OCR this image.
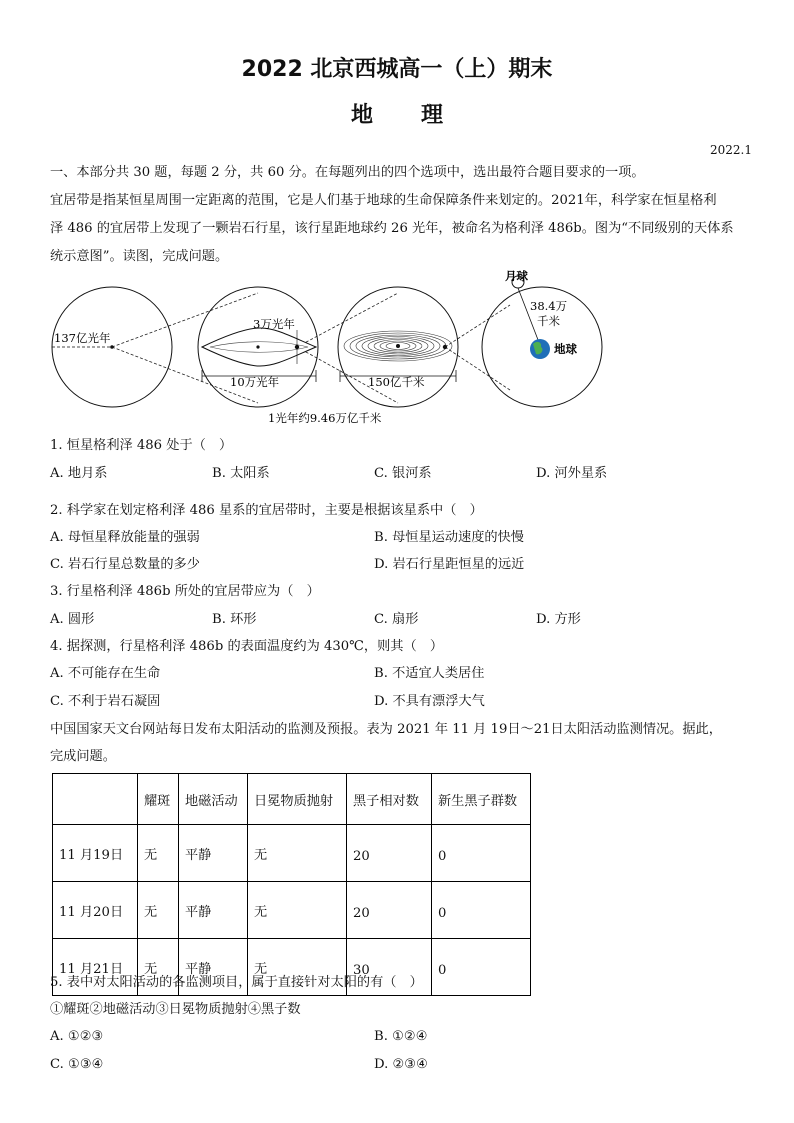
2022 北京西城高一（上）期末
地理
2022.1
一、本部分共 30 题，每题 2 分，共 60 分。在每题列出的四个选项中，选出最符合题目要求的一项。
宜居带是指某恒星周围一定距离的范围，它是人们基于地球的生命保障条件来划定的。2021年，科学家在恒星格利
泽 486 的宜居带上发现了一颗岩石行星，该行星距地球约 26 光年，被命名为格利泽 486b。图为“不同级别的天体系
统示意图”。读图，完成问题。
137亿光年
3万光年
10万光年	150亿千米
月球
38.4万
千米
地球
1光年约9.46万亿千米
1. 恒星格利泽 486 处于（　）
A. 地月系	B. 太阳系	C. 银河系	D. 河外星系
2. 科学家在划定格利泽 486 星系的宜居带时，主要是根据该星系中（　）
A. 母恒星释放能量的强弱	B. 母恒星运动速度的快慢
C. 岩石行星总数量的多少	D. 岩石行星距恒星的远近
3. 行星格利泽 486b 所处的宜居带应为（　）
A. 圆形	B. 环形	C. 扇形	D. 方形
4. 据探测，行星格利泽 486b 的表面温度约为 430℃，则其（　）
A. 不可能存在生命	B. 不适宜人类居住
C. 不利于岩石凝固	D. 不具有漂浮大气
中国国家天文台网站每日发布太阳活动的监测及预报。表为 2021 年 11 月 19日～21日太阳活动监测情况。据此，
完成问题。
	耀斑	地磁活动	日冕物质抛射	黑子相对数	新生黑子群数
11 月19日	无	平静	无	20	0
11 月20日	无	平静	无	20	0
11 月21日	无	平静	无	30	0
5. 表中对太阳活动的各监测项目，属于直接针对太阳的有（　）
①耀斑②地磁活动③日冕物质抛射④黑子数
A. ①②③	B. ①②④
C. ①③④	D. ②③④
